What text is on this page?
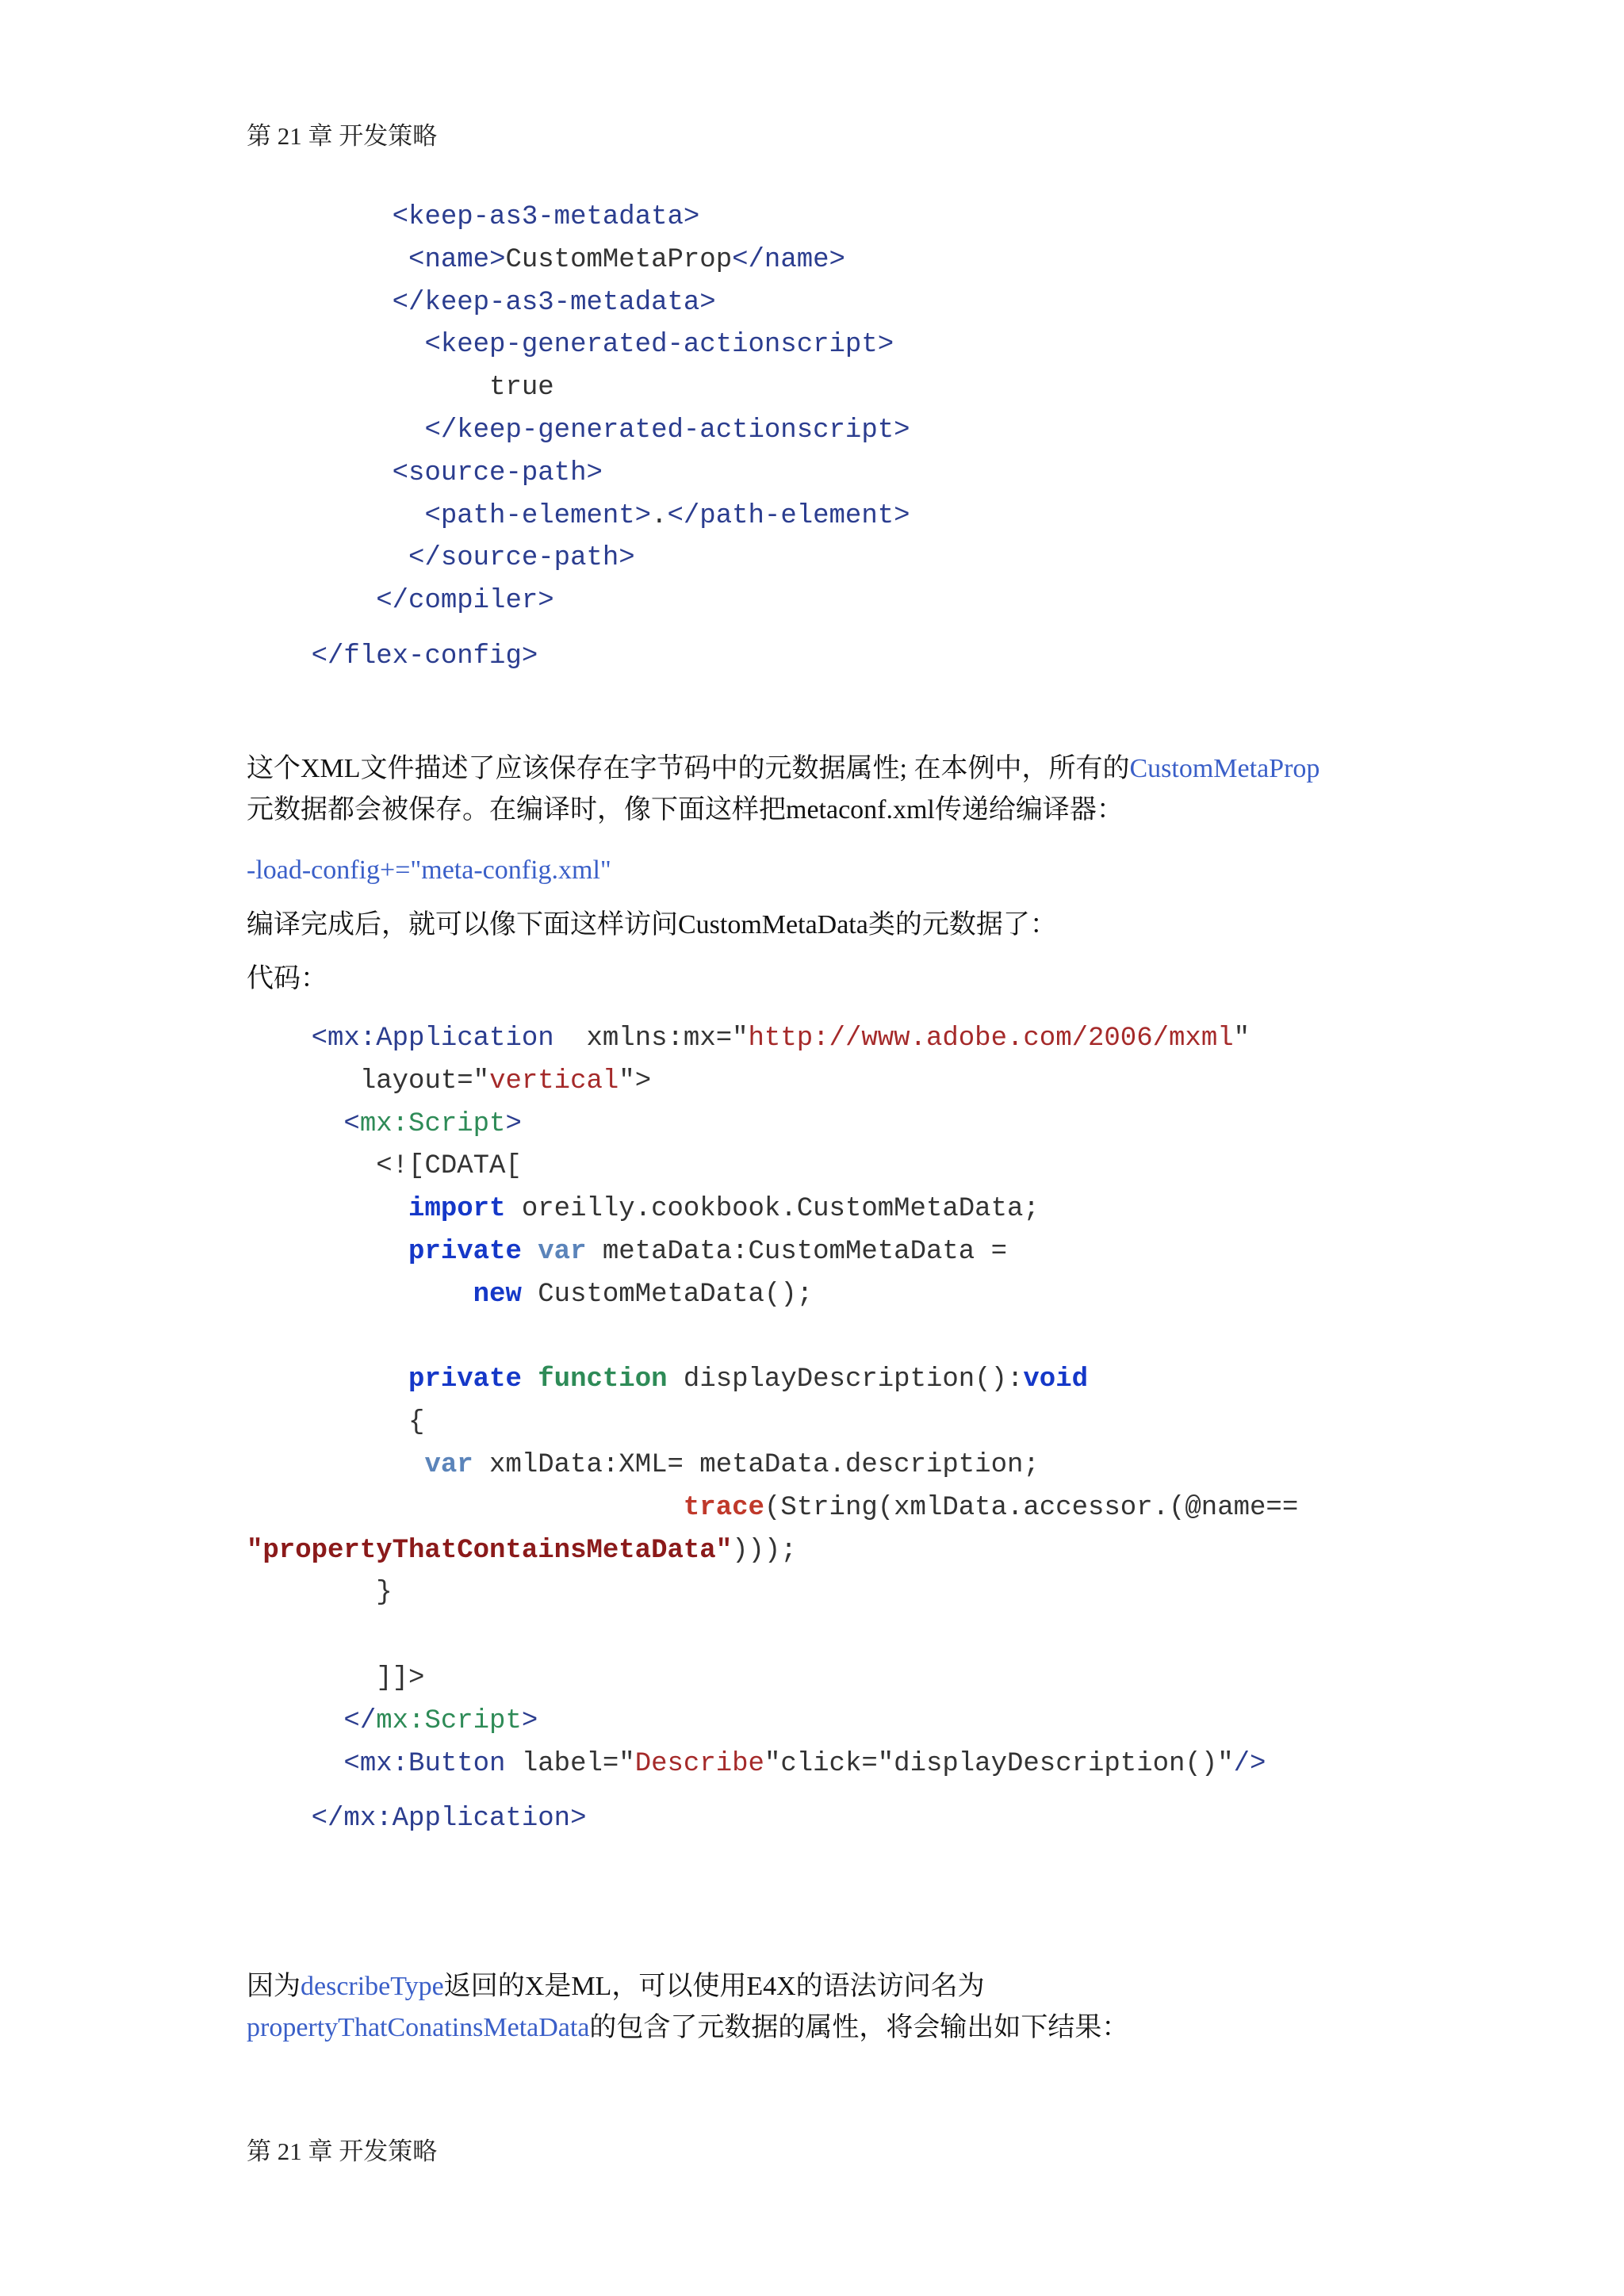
第 21 章 开发策略
<keep-as3-metadata>
<name>CustomMetaProp</name>
</keep-as3-metadata>
<keep-generated-actionscript>
true
</keep-generated-actionscript>
<source-path>
<path-element>.</path-element>
</source-path>
</compiler>

</flex-config>
这个XML文件描述了应该保存在字节码中的元数据属性; 在本例中，所有的CustomMetaProp
元数据都会被保存。在编译时，像下面这样把metaconf.xml传递给编译器：
-load-config+="meta-config.xml"
编译完成后，就可以像下面这样访问CustomMetaData类的元数据了：
代码：
<mx:Application  xmlns:mx="http://www.adobe.com/2006/mxml"
layout="vertical">
<mx:Script>
<![CDATA[
import oreilly.cookbook.CustomMetaData;
private var metaData:CustomMetaData =
new CustomMetaData();

private function displayDescription():void
{
var xmlData:XML= metaData.description;
trace(String(xmlData.accessor.(@name==
"propertyThatContainsMetaData")));
}

]]>
</mx:Script>
<mx:Button label="Describe"click="displayDescription()"/>

</mx:Application>
因为describeType返回的X是ML，可以使用E4X的语法访问名为
propertyThatConatinsMetaData的包含了元数据的属性，将会输出如下结果：
第 21 章 开发策略
